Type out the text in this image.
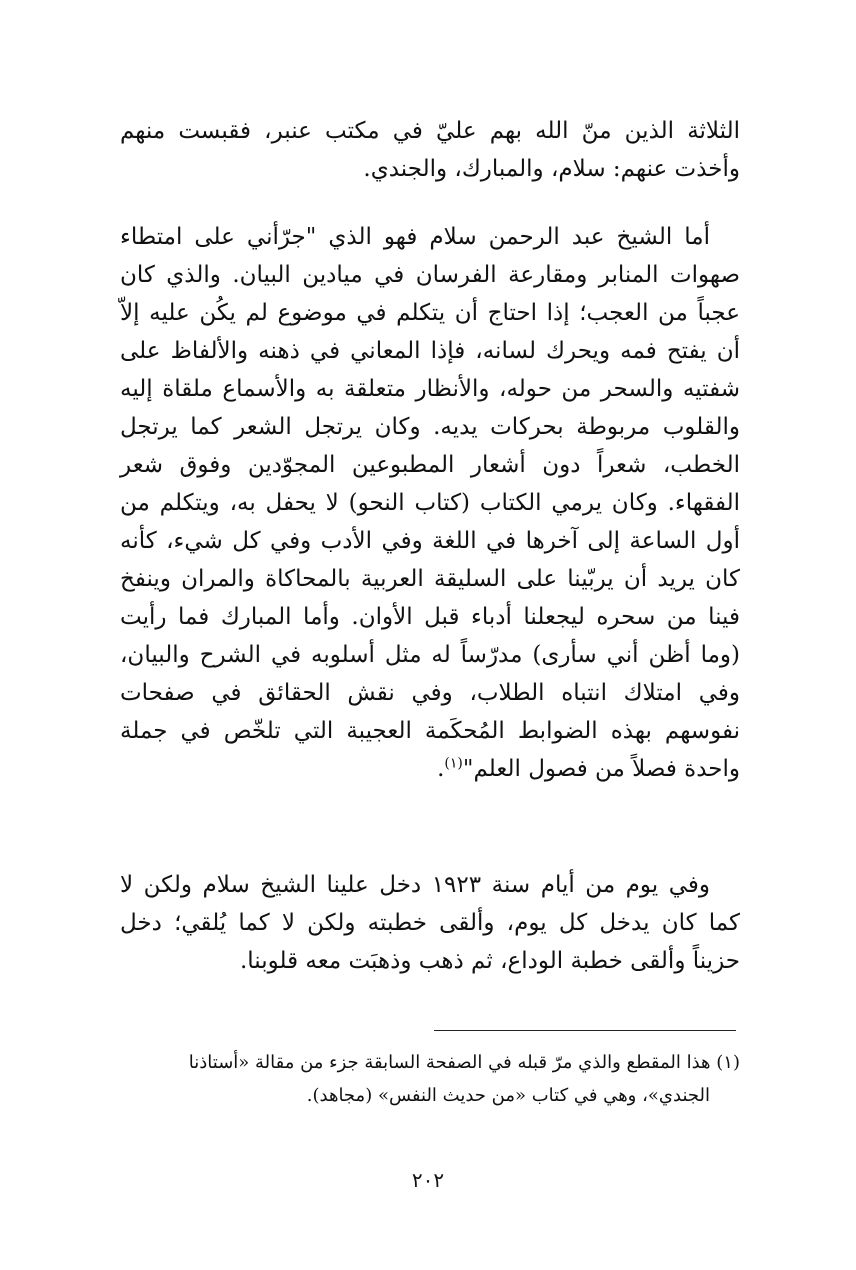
الثلاثة الذين منّ الله بهم عليّ في مكتب عنبر، فقبست منهم وأخذت عنهم: سلام، والمبارك، والجندي.

أما الشيخ عبد الرحمن سلام فهو الذي "جرّأني على امتطاء صهوات المنابر ومقارعة الفرسان في ميادين البيان. والذي كان عجباً من العجب؛ إذا احتاج أن يتكلم في موضوع لم يكُن عليه إلاّ أن يفتح فمه ويحرك لسانه، فإذا المعاني في ذهنه والألفاظ على شفتيه والسحر من حوله، والأنظار متعلقة به والأسماع ملقاة إليه والقلوب مربوطة بحركات يديه. وكان يرتجل الشعر كما يرتجل الخطب، شعراً دون أشعار المطبوعين المجوّدين وفوق شعر الفقهاء. وكان يرمي الكتاب (كتاب النحو) لا يحفل به، ويتكلم من أول الساعة إلى آخرها في اللغة وفي الأدب وفي كل شيء، كأنه كان يريد أن يربّينا على السليقة العربية بالمحاكاة والمران وينفخ فينا من سحره ليجعلنا أدباء قبل الأوان. وأما المبارك فما رأيت (وما أظن أني سأرى) مدرّساً له مثل أسلوبه في الشرح والبيان، وفي امتلاك انتباه الطلاب، وفي نقش الحقائق في صفحات نفوسهم بهذه الضوابط المُحكَمة العجيبة التي تلخّص في جملة واحدة فصلاً من فصول العلم"$^{(١)}$.

وفي يوم من أيام سنة ١٩٢٣ دخل علينا الشيخ سلام ولكن لا كما كان يدخل كل يوم، وألقى خطبته ولكن لا كما يُلقي؛ دخل حزيناً وألقى خطبة الوداع، ثم ذهب وذهبَت معه قلوبنا.

(١) هذا المقطع والذي مرّ قبله في الصفحة السابقة جزء من مقالة «أستاذنا
الجندي»، وهي في كتاب «من حديث النفس» (مجاهد).

٢٠٢
